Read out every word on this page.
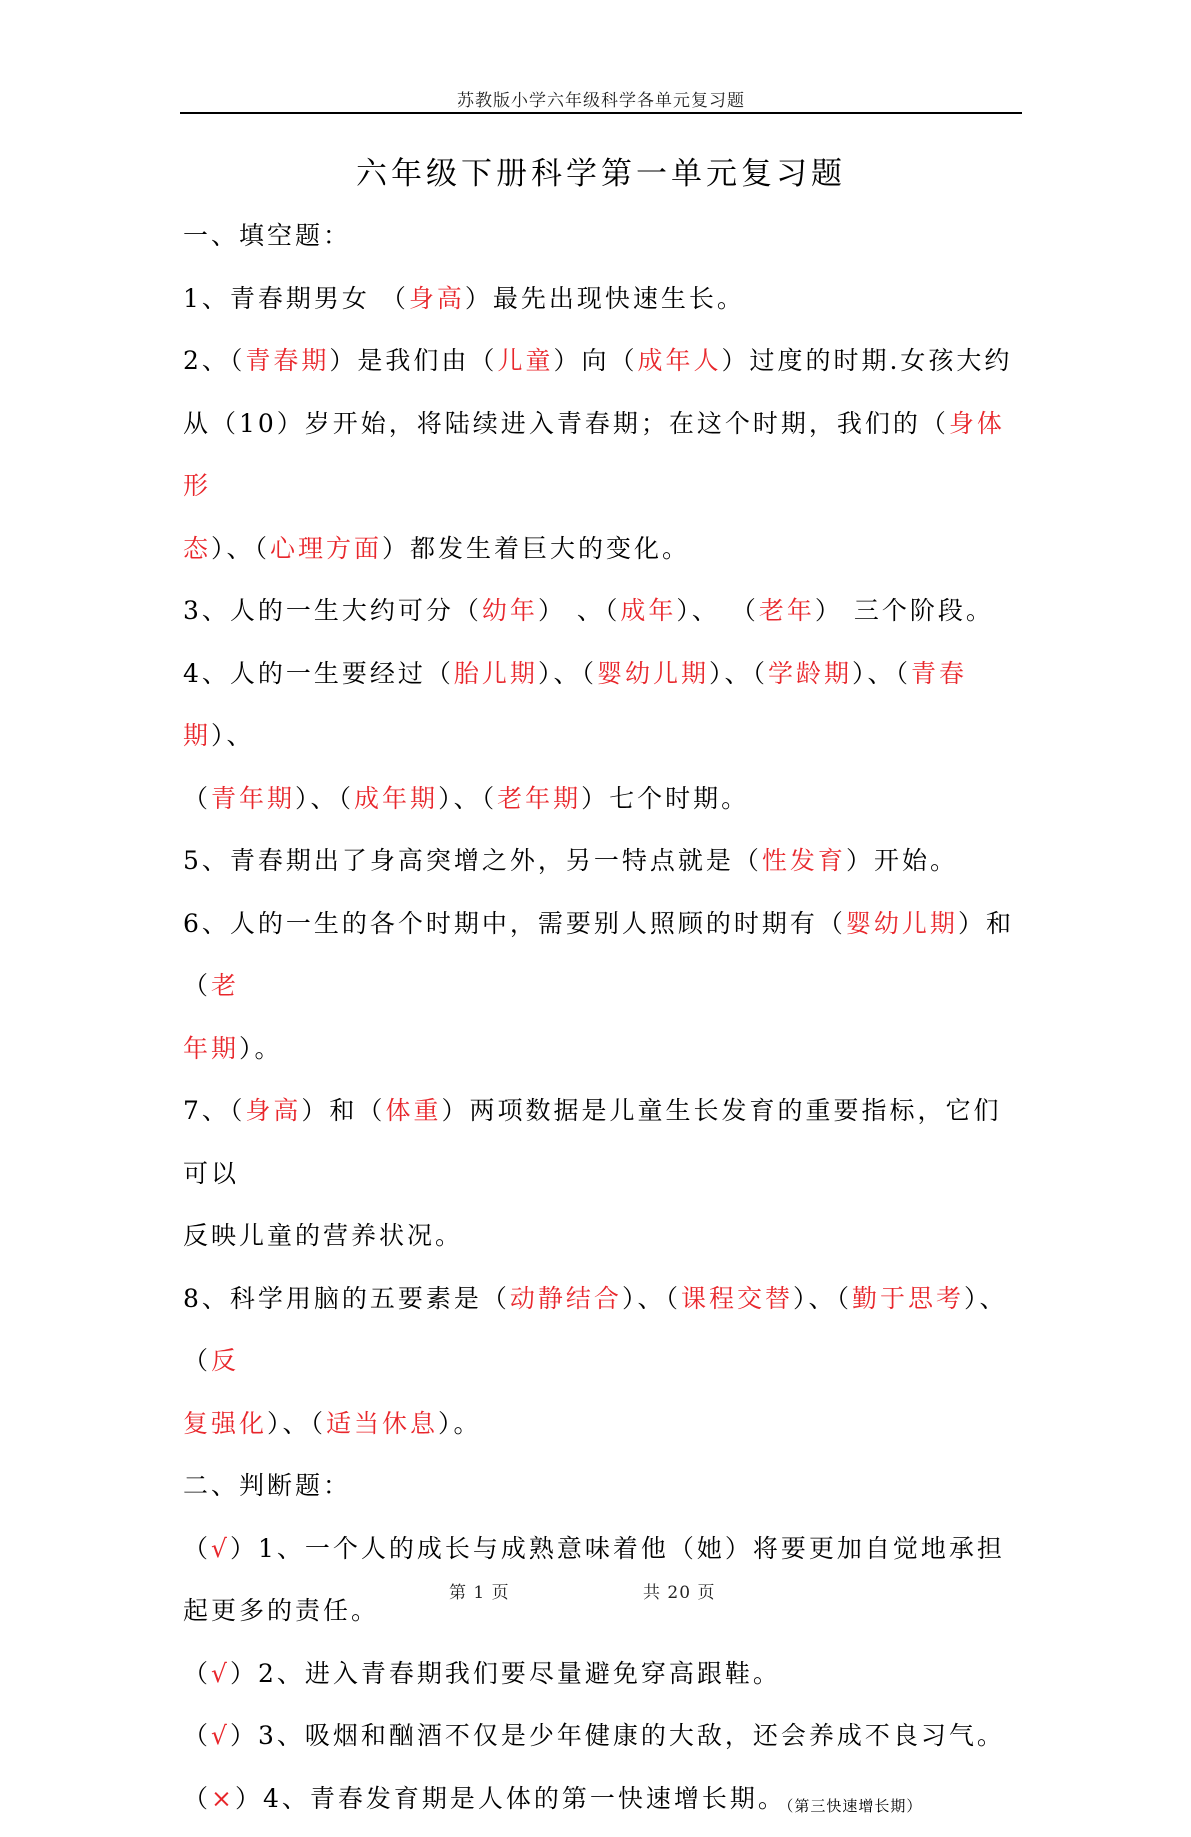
苏教版小学六年级科学各单元复习题
六年级下册科学第一单元复习题

一、填空题：

1、青春期男女 （身高）最先出现快速生长。

2、（青春期）是我们由（儿童）向（成年人）过度的时期.女孩大约

从（10）岁开始，将陆续进入青春期；在这个时期，我们的（身体形

态）、（心理方面）都发生着巨大的变化。

3、人的一生大约可分（幼年） 、（成年）、 （老年） 三个阶段。

4、人的一生要经过（胎儿期）、（婴幼儿期）、（学龄期）、（青春期）、

（青年期）、（成年期）、（老年期）七个时期。

5、青春期出了身高突增之外，另一特点就是（性发育）开始。

6、人的一生的各个时期中，需要别人照顾的时期有（婴幼儿期）和（老

年期）。

7、（身高）和（体重）两项数据是儿童生长发育的重要指标，它们可以

反映儿童的营养状况。

8、科学用脑的五要素是（动静结合）、（课程交替）、（勤于思考）、（反

复强化）、（适当休息）。

二、判断题：

（√）1、一个人的成长与成熟意味着他（她）将要更加自觉地承担

起更多的责任。

（√）2、进入青春期我们要尽量避免穿高跟鞋。

（√）3、吸烟和酗酒不仅是少年健康的大敌，还会养成不良习气。

（×）4、青春发育期是人体的第一快速增长期。（第三快速增长期）

第 1 页	共 20 页
